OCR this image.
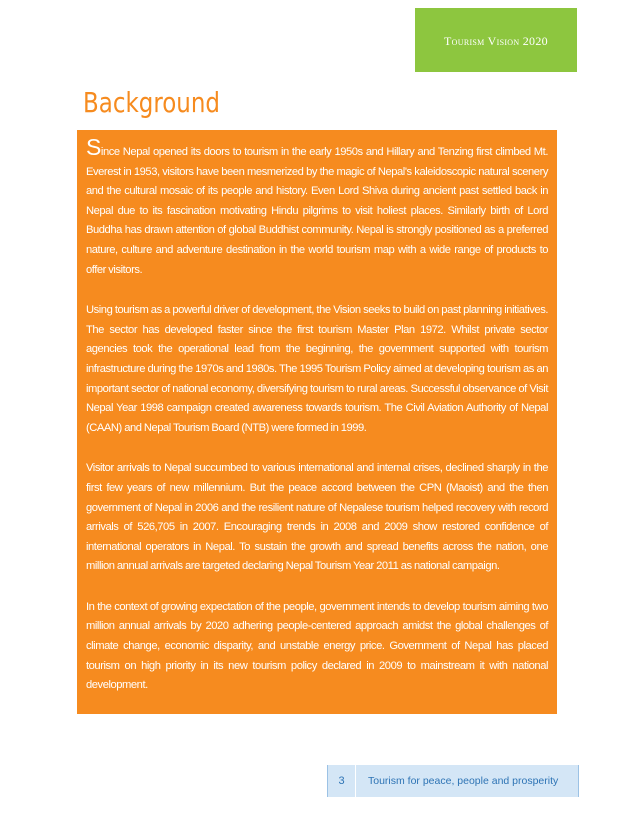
Tourism Vision 2020
Background

Since Nepal opened its doors to tourism in the early 1950s and Hillary and Tenzing first climbed Mt. Everest in 1953, visitors have been mesmerized by the magic of Nepal's kaleidoscopic natural scenery and the cultural mosaic of its people and history. Even Lord Shiva during ancient past settled back in Nepal due to its fascination motivating Hindu pilgrims to visit holiest places. Similarly birth of Lord Buddha has drawn attention of global Buddhist community. Nepal is strongly positioned as a preferred nature, culture and adventure destination in the world tourism map with a wide range of products to offer visitors.

Using tourism as a powerful driver of development, the Vision seeks to build on past planning initiatives. The sector has developed faster since the first tourism Master Plan 1972. Whilst private sector agencies took the operational lead from the beginning, the government supported with tourism infrastructure during the 1970s and 1980s. The 1995 Tourism Policy aimed at developing tourism as an important sector of national economy, diversifying tourism to rural areas. Successful observance of Visit Nepal Year 1998 campaign created awareness towards tourism. The Civil Aviation Authority of Nepal (CAAN) and Nepal Tourism Board (NTB) were formed in 1999.

Visitor arrivals to Nepal succumbed to various international and internal crises, declined sharply in the first few years of new millennium. But the peace accord between the CPN (Maoist) and the then government of Nepal in 2006 and the resilient nature of Nepalese tourism helped recovery with record arrivals of 526,705 in 2007. Encouraging trends in 2008 and 2009 show restored confidence of international operators in Nepal. To sustain the growth and spread benefits across the nation, one million annual arrivals are targeted declaring Nepal Tourism Year 2011 as national campaign.

In the context of growing expectation of the people, government intends to develop tourism aiming two million annual arrivals by 2020 adhering people-centered approach amidst the global challenges of climate change, economic disparity, and unstable energy price. Government of Nepal has placed tourism on high priority in its new tourism policy declared in 2009 to mainstream it with national development.

3	Tourism for peace, people and prosperity
